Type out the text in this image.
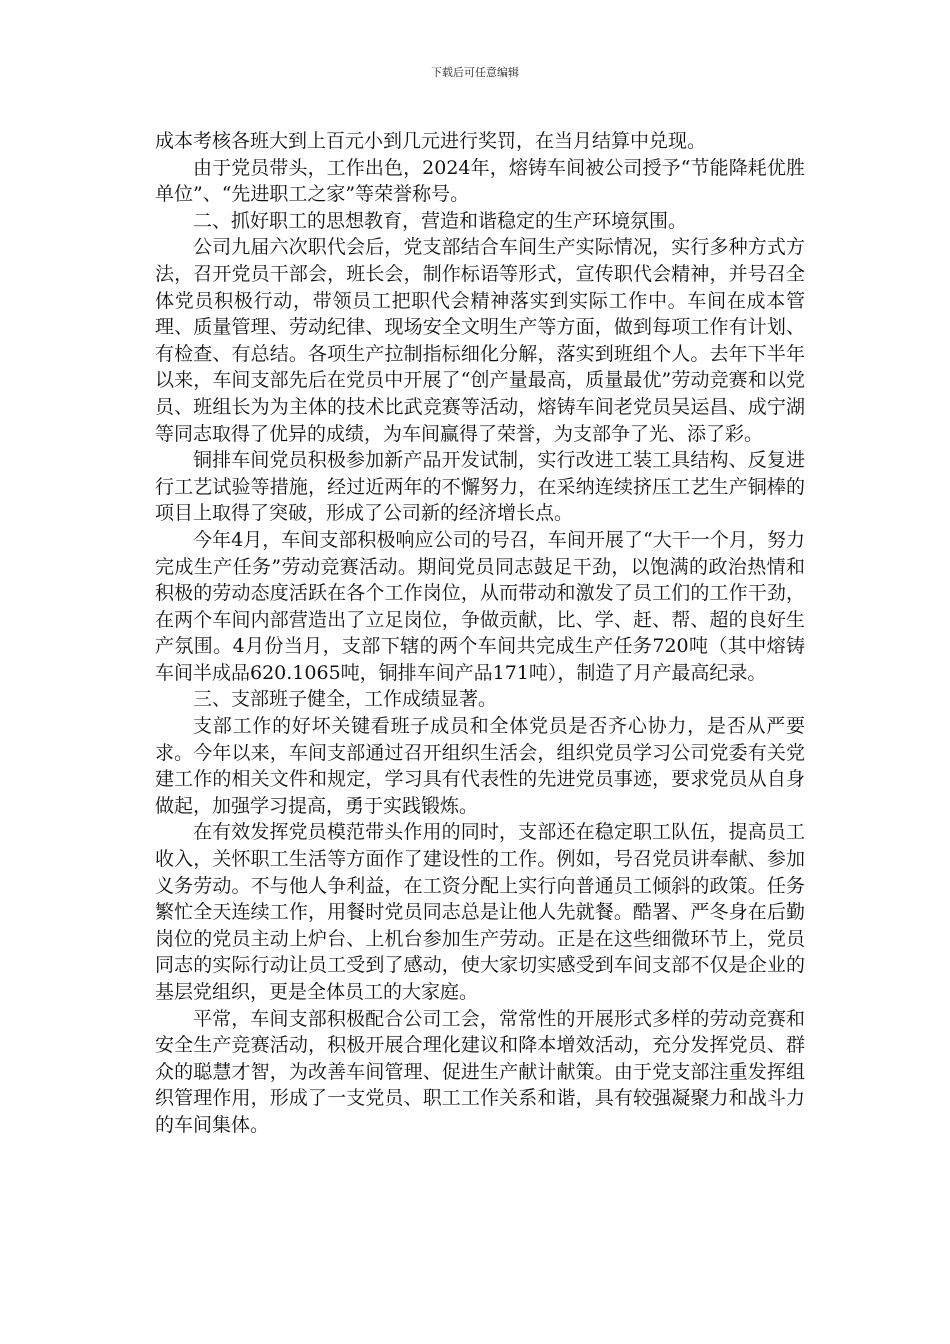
下载后可任意编辑

成本考核各班大到上百元小到几元进行奖罚，在当月结算中兑现。

由于党员带头，工作出色，2024年，熔铸车间被公司授予“节能降耗优胜单位”、“先进职工之家”等荣誉称号。

二、抓好职工的思想教育，营造和谐稳定的生产环境氛围。

公司九届六次职代会后，党支部结合车间生产实际情况，实行多种方式方法，召开党员干部会，班长会，制作标语等形式，宣传职代会精神，并号召全体党员积极行动，带领员工把职代会精神落实到实际工作中。车间在成本管理、质量管理、劳动纪律、现场安全文明生产等方面，做到每项工作有计划、有检查、有总结。各项生产拉制指标细化分解，落实到班组个人。去年下半年以来，车间支部先后在党员中开展了“创产量最高，质量最优”劳动竞赛和以党员、班组长为为主体的技术比武竞赛等活动，熔铸车间老党员吴运昌、成宁湖等同志取得了优异的成绩，为车间赢得了荣誉，为支部争了光、添了彩。

铜排车间党员积极参加新产品开发试制，实行改进工装工具结构、反复进行工艺试验等措施，经过近两年的不懈努力，在采纳连续挤压工艺生产铜棒的项目上取得了突破，形成了公司新的经济增长点。

今年4月，车间支部积极响应公司的号召，车间开展了“大干一个月，努力完成生产任务”劳动竞赛活动。期间党员同志鼓足干劲，以饱满的政治热情和积极的劳动态度活跃在各个工作岗位，从而带动和激发了员工们的工作干劲，在两个车间内部营造出了立足岗位，争做贡献，比、学、赶、帮、超的良好生产氛围。4月份当月，支部下辖的两个车间共完成生产任务720吨（其中熔铸车间半成品620.1065吨，铜排车间产品171吨），制造了月产最高纪录。

三、支部班子健全，工作成绩显著。

支部工作的好坏关键看班子成员和全体党员是否齐心协力，是否从严要求。今年以来，车间支部通过召开组织生活会，组织党员学习公司党委有关党建工作的相关文件和规定，学习具有代表性的先进党员事迹，要求党员从自身做起，加强学习提高，勇于实践锻炼。

在有效发挥党员模范带头作用的同时，支部还在稳定职工队伍，提高员工收入，关怀职工生活等方面作了建设性的工作。例如，号召党员讲奉献、参加义务劳动。不与他人争利益，在工资分配上实行向普通员工倾斜的政策。任务繁忙全天连续工作，用餐时党员同志总是让他人先就餐。酷署、严冬身在后勤岗位的党员主动上炉台、上机台参加生产劳动。正是在这些细微环节上，党员同志的实际行动让员工受到了感动，使大家切实感受到车间支部不仅是企业的基层党组织，更是全体员工的大家庭。

平常，车间支部积极配合公司工会，常常性的开展形式多样的劳动竞赛和安全生产竞赛活动，积极开展合理化建议和降本增效活动，充分发挥党员、群众的聪慧才智，为改善车间管理、促进生产献计献策。由于党支部注重发挥组织管理作用，形成了一支党员、职工工作关系和谐，具有较强凝聚力和战斗力的车间集体。
